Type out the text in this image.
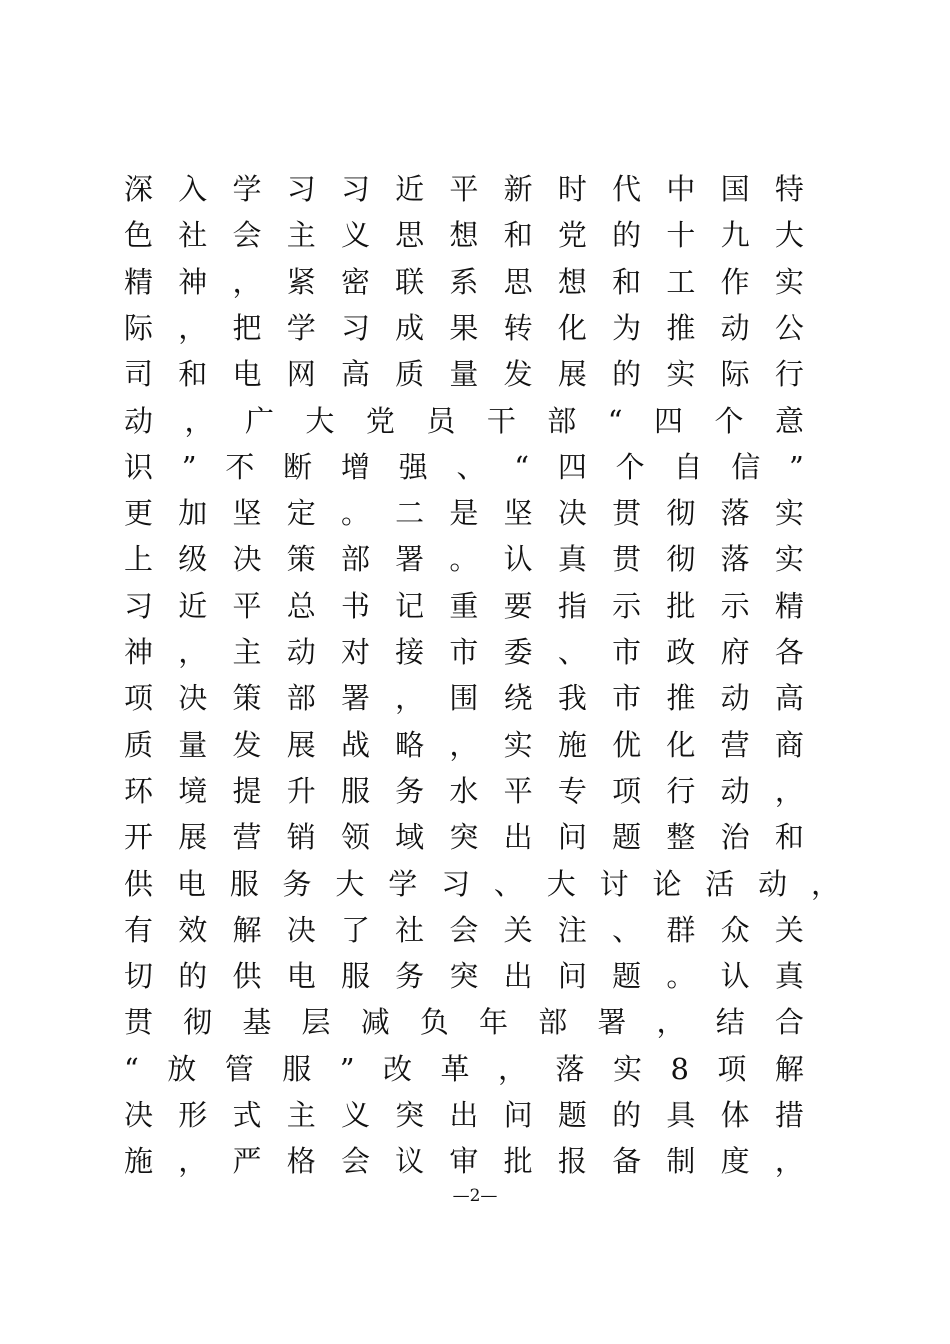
深 入 学 习 习 近 平 新 时 代 中 国 特
色 社 会 主 义 思 想 和 党 的 十 九 大
精 神 ， 紧 密 联 系 思 想 和 工 作 实
际 ， 把 学 习 成 果 转 化 为 推 动 公
司 和 电 网 高 质 量 发 展 的 实 际 行
动 ， 广 大 党 员 干 部 “ 四 个 意
识 ” 不 断 增 强 、 “ 四 个 自 信 ”
更 加 坚 定 。 二 是 坚 决 贯 彻 落 实
上 级 决 策 部 署 。 认 真 贯 彻 落 实
习 近 平 总 书 记 重 要 指 示 批 示 精
神 ， 主 动 对 接 市 委 、 市 政 府 各
项 决 策 部 署 ， 围 绕 我 市 推 动 高
质 量 发 展 战 略 ， 实 施 优 化 营 商
环 境 提 升 服 务 水 平 专 项 行 动 ，
开 展 营 销 领 域 突 出 问 题 整 治 和
供 电 服 务 大 学 习 、 大 讨 论 活 动 ，
有 效 解 决 了 社 会 关 注 、 群 众 关
切 的 供 电 服 务 突 出 问 题 。 认 真
贯 彻 基 层 减 负 年 部 署 ， 结 合
“ 放 管 服 ” 改 革 ， 落 实 8 项 解
决 形 式 主 义 突 出 问 题 的 具 体 措
施 ， 严 格 会 议 审 批 报 备 制 度 ，
—2—
